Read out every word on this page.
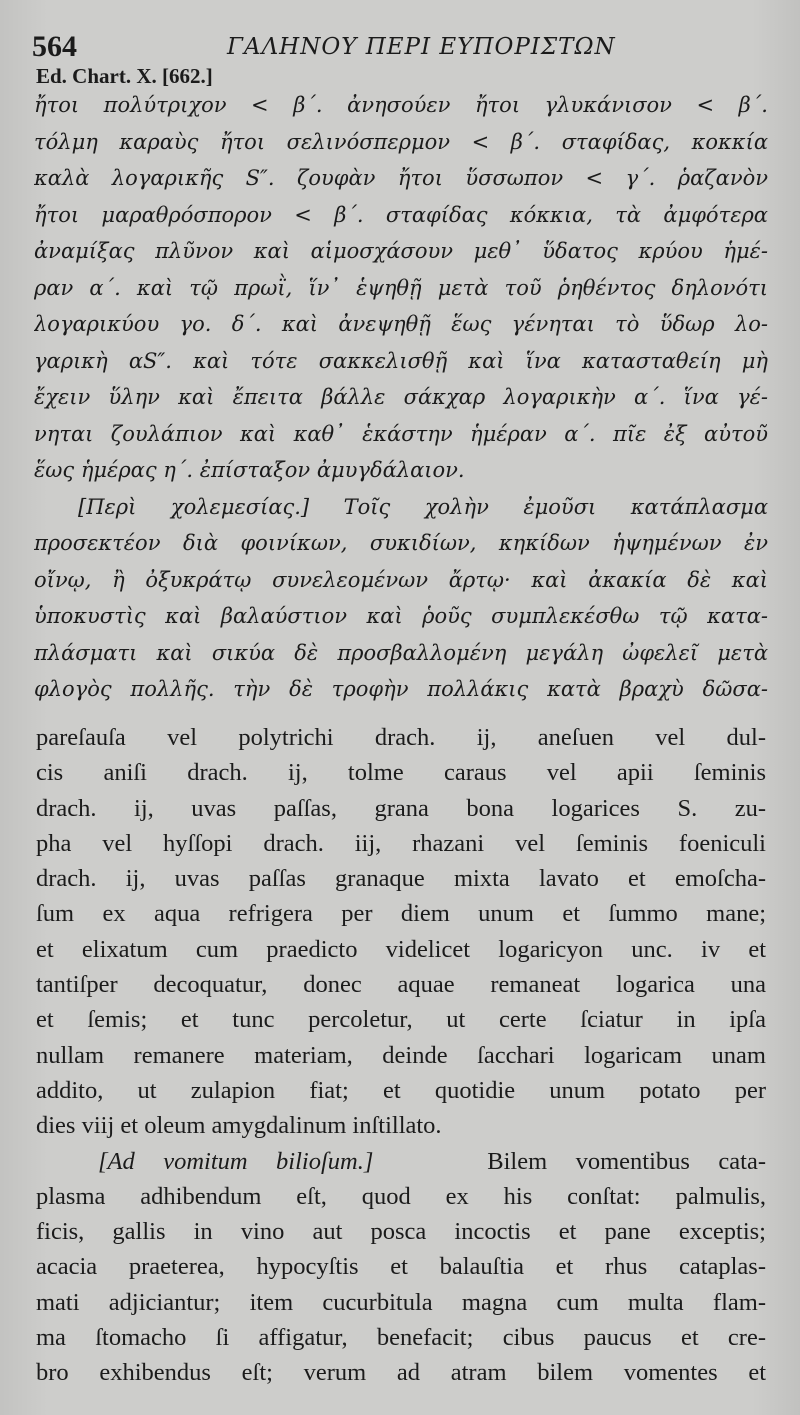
564	ΓΑΛΗΝΟΥ ΠΕΡΙ ΕΥΠΟΡΙΣΤΩΝ
Ed. Chart. X. [662.]
ἤτοι πολύτριχον < β΄. ἀνησούεν ἤτοι γλυκάνισον < β΄.
τόλμη καραὺς ἤτοι σελινόσπερμον < β΄. σταφίδας, κοκκία
καλὰ λογαρικῆς S″. ζουφὰν ἤτοι ὕσσωπον < γ΄. ῥαζανὸν
ἤτοι μαραθρόσπορον < β΄. σταφίδας κόκκια, τὰ ἀμφότερα
ἀναμίξας πλῦνον καὶ αἱμοσχάσουν μεθ᾽ ὕδατος κρύου ἡμέ-
ραν α΄. καὶ τῷ πρωῒ, ἵν᾽ ἑψηθῇ μετὰ τοῦ ῥηθέντος δηλονότι
λογαρικύου γο. δ΄. καὶ ἀνεψηθῇ ἕως γένηται τὸ ὕδωρ λο-
γαρικὴ αS″. καὶ τότε σακκελισθῇ καὶ ἵνα κατασταθείη μὴ
ἔχειν ὕλην καὶ ἔπειτα βάλλε σάκχαρ λογαρικὴν α΄. ἵνα γέ-
νηται ζουλάπιον καὶ καθ᾽ ἑκάστην ἡμέραν α΄. πῖε ἐξ αὐτοῦ
ἕως ἡμέρας η΄. ἐπίσταξον ἀμυγδάλαιον.
[Περὶ χολεμεσίας.] Τοῖς χολὴν ἐμοῦσι κατάπλασμα
προσεκτέον διὰ φοινίκων, συκιδίων, κηκίδων ἡψημένων ἐν
οἴνῳ, ἢ ὀξυκράτῳ συνελεομένων ἄρτῳ· καὶ ἀκακία δὲ καὶ
ὑποκυστὶς καὶ βαλαύστιον καὶ ῥοῦς συμπλεκέσθω τῷ κατα-
πλάσματι καὶ σικύα δὲ προσβαλλομένη μεγάλη ὠφελεῖ μετὰ
φλογὸς πολλῆς. τὴν δὲ τροφὴν πολλάκις κατὰ βραχὺ δῶσα-
pareſauſa vel polytrichi drach. ij, aneſuen vel dul-
cis aniſi drach. ij, tolme caraus vel apii ſeminis
drach. ij, uvas paſſas, grana bona logarices S. zu-
pha vel hyſſopi drach. iij, rhazani vel ſeminis foeniculi
drach. ij, uvas paſſas granaque mixta lavato et emoſcha-
ſum ex aqua refrigera per diem unum et ſummo mane;
et elixatum cum praedicto videlicet logaricyon unc. iv et
tantiſper decoquatur, donec aquae remaneat logarica una
et ſemis; et tunc percoletur, ut certe ſciatur in ipſa
nullam remanere materiam, deinde ſacchari logaricam unam
addito, ut zulapion fiat; et quotidie unum potato per
dies viij et oleum amygdalinum inſtillato.
[Ad vomitum bilioſum.]	Bilem vomentibus cata-
plasma adhibendum eſt, quod ex his conſtat: palmulis,
ficis, gallis in vino aut posca incoctis et pane exceptis;
acacia praeterea, hypocyſtis et balauſtia et rhus cataplas-
mati adjiciantur; item cucurbitula magna cum multa flam-
ma ſtomacho ſi affigatur, benefacit; cibus paucus et cre-
bro exhibendus eſt; verum ad atram bilem vomentes et
